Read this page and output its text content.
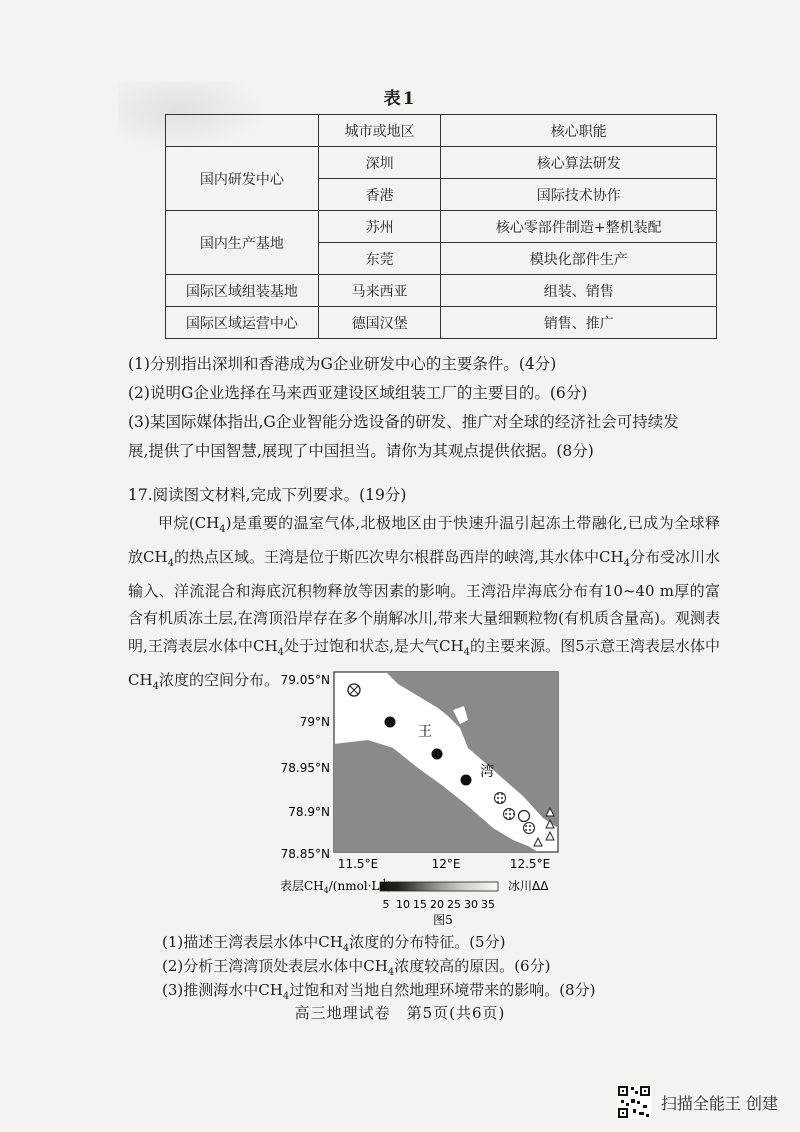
表1
	城市或地区	核心职能
国内研发中心	深圳	核心算法研发
	香港	国际技术协作
国内生产基地	苏州	核心零部件制造+整机装配
	东莞	模块化部件生产
国际区域组装基地	马来西亚	组装、销售
国际区域运营中心	德国汉堡	销售、推广
(1)分别指出深圳和香港成为G企业研发中心的主要条件。(4分)
(2)说明G企业选择在马来西亚建设区域组装工厂的主要目的。(6分)
(3)某国际媒体指出,G企业智能分选设备的研发、推广对全球的经济社会可持续发
展,提供了中国智慧,展现了中国担当。请你为其观点提供依据。(8分)
17.阅读图文材料,完成下列要求。(19分)
甲烷$(CH_4)$是重要的温室气体,北极地区由于快速升温引起冻土带融化,已成为全球释放$CH_4$的热点区域。王湾是位于斯匹次卑尔根群岛西岸的峡湾,其水体中$CH_4$分布受冰川水输入、洋流混合和海底沉积物释放等因素的影响。王湾沿岸海底分布有10~40 m厚的富含有机质冻土层,在湾顶沿岸存在多个崩解冰川,带来大量细颗粒物(有机质含量高)。观测表明,王湾表层水体中$CH_4$处于过饱和状态,是大气$CH_4$的主要来源。图5示意王湾表层水体中$CH_4$浓度的空间分布。
王
湾
79.05°N
79°N
78.95°N
78.9°N
78.85°N
11.5°E	12°E	12.5°E
表层$CH_4/(nmol\cdot L$
5 10 15 20 25 30 35
冰川ΔΔ
图5
(1)描述王湾表层水体中$CH_4$浓度的分布特征。(5分)
(2)分析王湾湾顶处表层水体中$CH_4$浓度较高的原因。(6分)
(3)推测海水中$CH_4$过饱和对当地自然地理环境带来的影响。(8分)
高三地理试卷　第5页(共6页)
扫描全能王 创建
